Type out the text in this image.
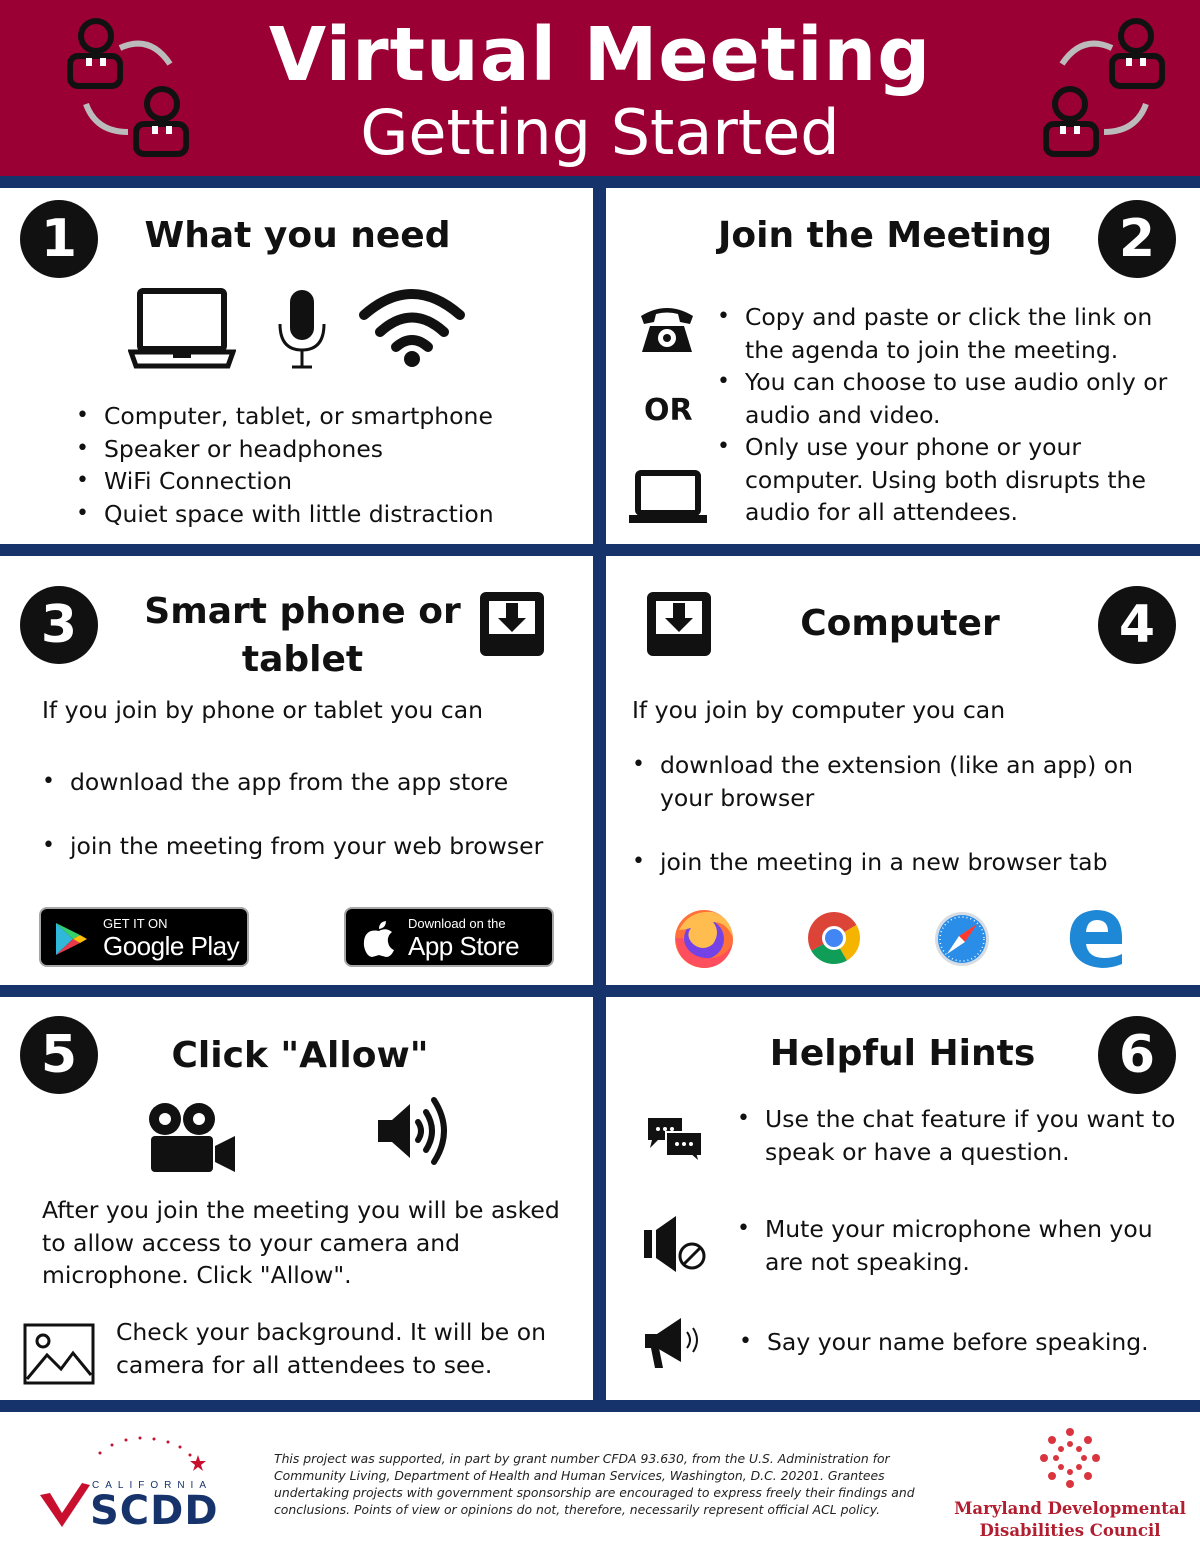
Virtual Meeting
Getting Started
1	What you need
• Computer, tablet, or smartphone
• Speaker or headphones
• WiFi Connection
• Quiet space with little distraction
2
Join the Meeting
OR
• Copy and paste or click the link on the agenda to join the meeting.
• You can choose to use audio only or audio and video.
• Only use your phone or your computer. Using both disrupts the audio for all attendees.
3	Smart phone or tablet
If you join by phone or tablet you can
• download the app from the app store
• join the meeting from your web browser
GET IT ON
Google Play
Download on the
App Store
Computer	4
If you join by computer you can
• download the extension (like an app) on your browser
• join the meeting in a new browser tab
5	Click "Allow"
After you join the meeting you will be asked to allow access to your camera and microphone. Click "Allow".
Check your background. It will be on camera for all attendees to see.
Helpful Hints	6
• Use the chat feature if you want to speak or have a question.
• Mute your microphone when you are not speaking.
• Say your name before speaking.
CALIFORNIA
SCDD
This project was supported, in part by grant number CFDA 93.630, from the U.S. Administration for Community Living, Department of Health and Human Services, Washington, D.C. 20201. Grantees undertaking projects with government sponsorship are encouraged to express freely their findings and conclusions. Points of view or opinions do not, therefore, necessarily represent official ACL policy.	Maryland Developmental
Disabilities Council
